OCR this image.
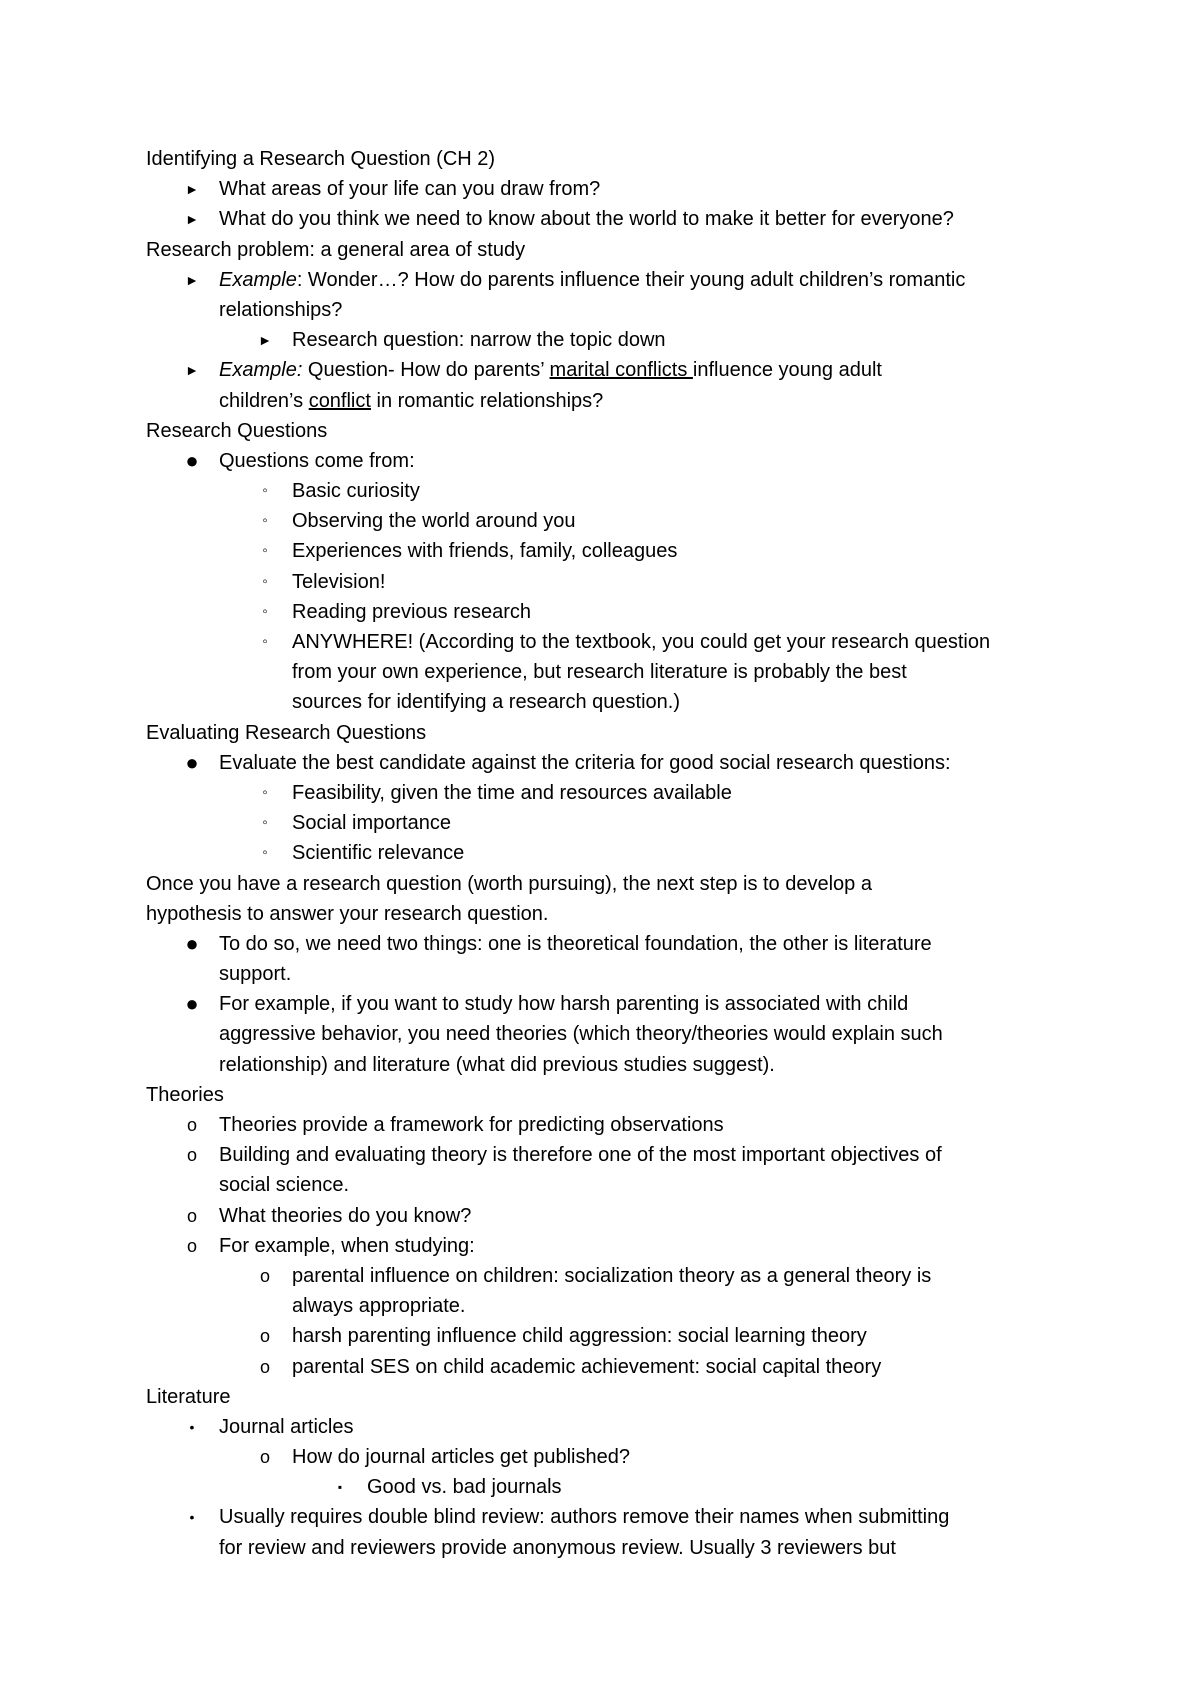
Identifying a Research Question (CH 2)
► What areas of your life can you draw from?
► What do you think we need to know about the world to make it better for everyone?
Research problem: a general area of study
► Example: Wonder…? How do parents influence their young adult children’s romantic
relationships?
► Research question: narrow the topic down
► Example: Question- How do parents’ marital conflicts influence young adult
children’s conflict in romantic relationships?
Research Questions
● Questions come from:
◦	Basic curiosity
◦	Observing the world around you
◦	Experiences with friends, family, colleagues
◦	Television!
◦	Reading previous research
◦	ANYWHERE! (According to the textbook, you could get your research question
from your own experience, but research literature is probably the best
sources for identifying a research question.)
Evaluating Research Questions
● Evaluate the best candidate against the criteria for good social research questions:
◦	Feasibility, given the time and resources available
◦	Social importance
◦	Scientific relevance
Once you have a research question (worth pursuing), the next step is to develop a
hypothesis to answer your research question.
● To do so, we need two things: one is theoretical foundation, the other is literature
support.
● For example, if you want to study how harsh parenting is associated with child
aggressive behavior, you need theories (which theory/theories would explain such
relationship) and literature (what did previous studies suggest).
Theories
o Theories provide a framework for predicting observations
o Building and evaluating theory is therefore one of the most important objectives of
social science.
o What theories do you know?
o For example, when studying:
o parental influence on children: socialization theory as a general theory is
always appropriate.
o harsh parenting influence child aggression: social learning theory
o parental SES on child academic achievement: social capital theory
Literature
•	Journal articles
o How do journal articles get published?
▪	Good vs. bad journals
•	Usually requires double blind review: authors remove their names when submitting
for review and reviewers provide anonymous review. Usually 3 reviewers but
